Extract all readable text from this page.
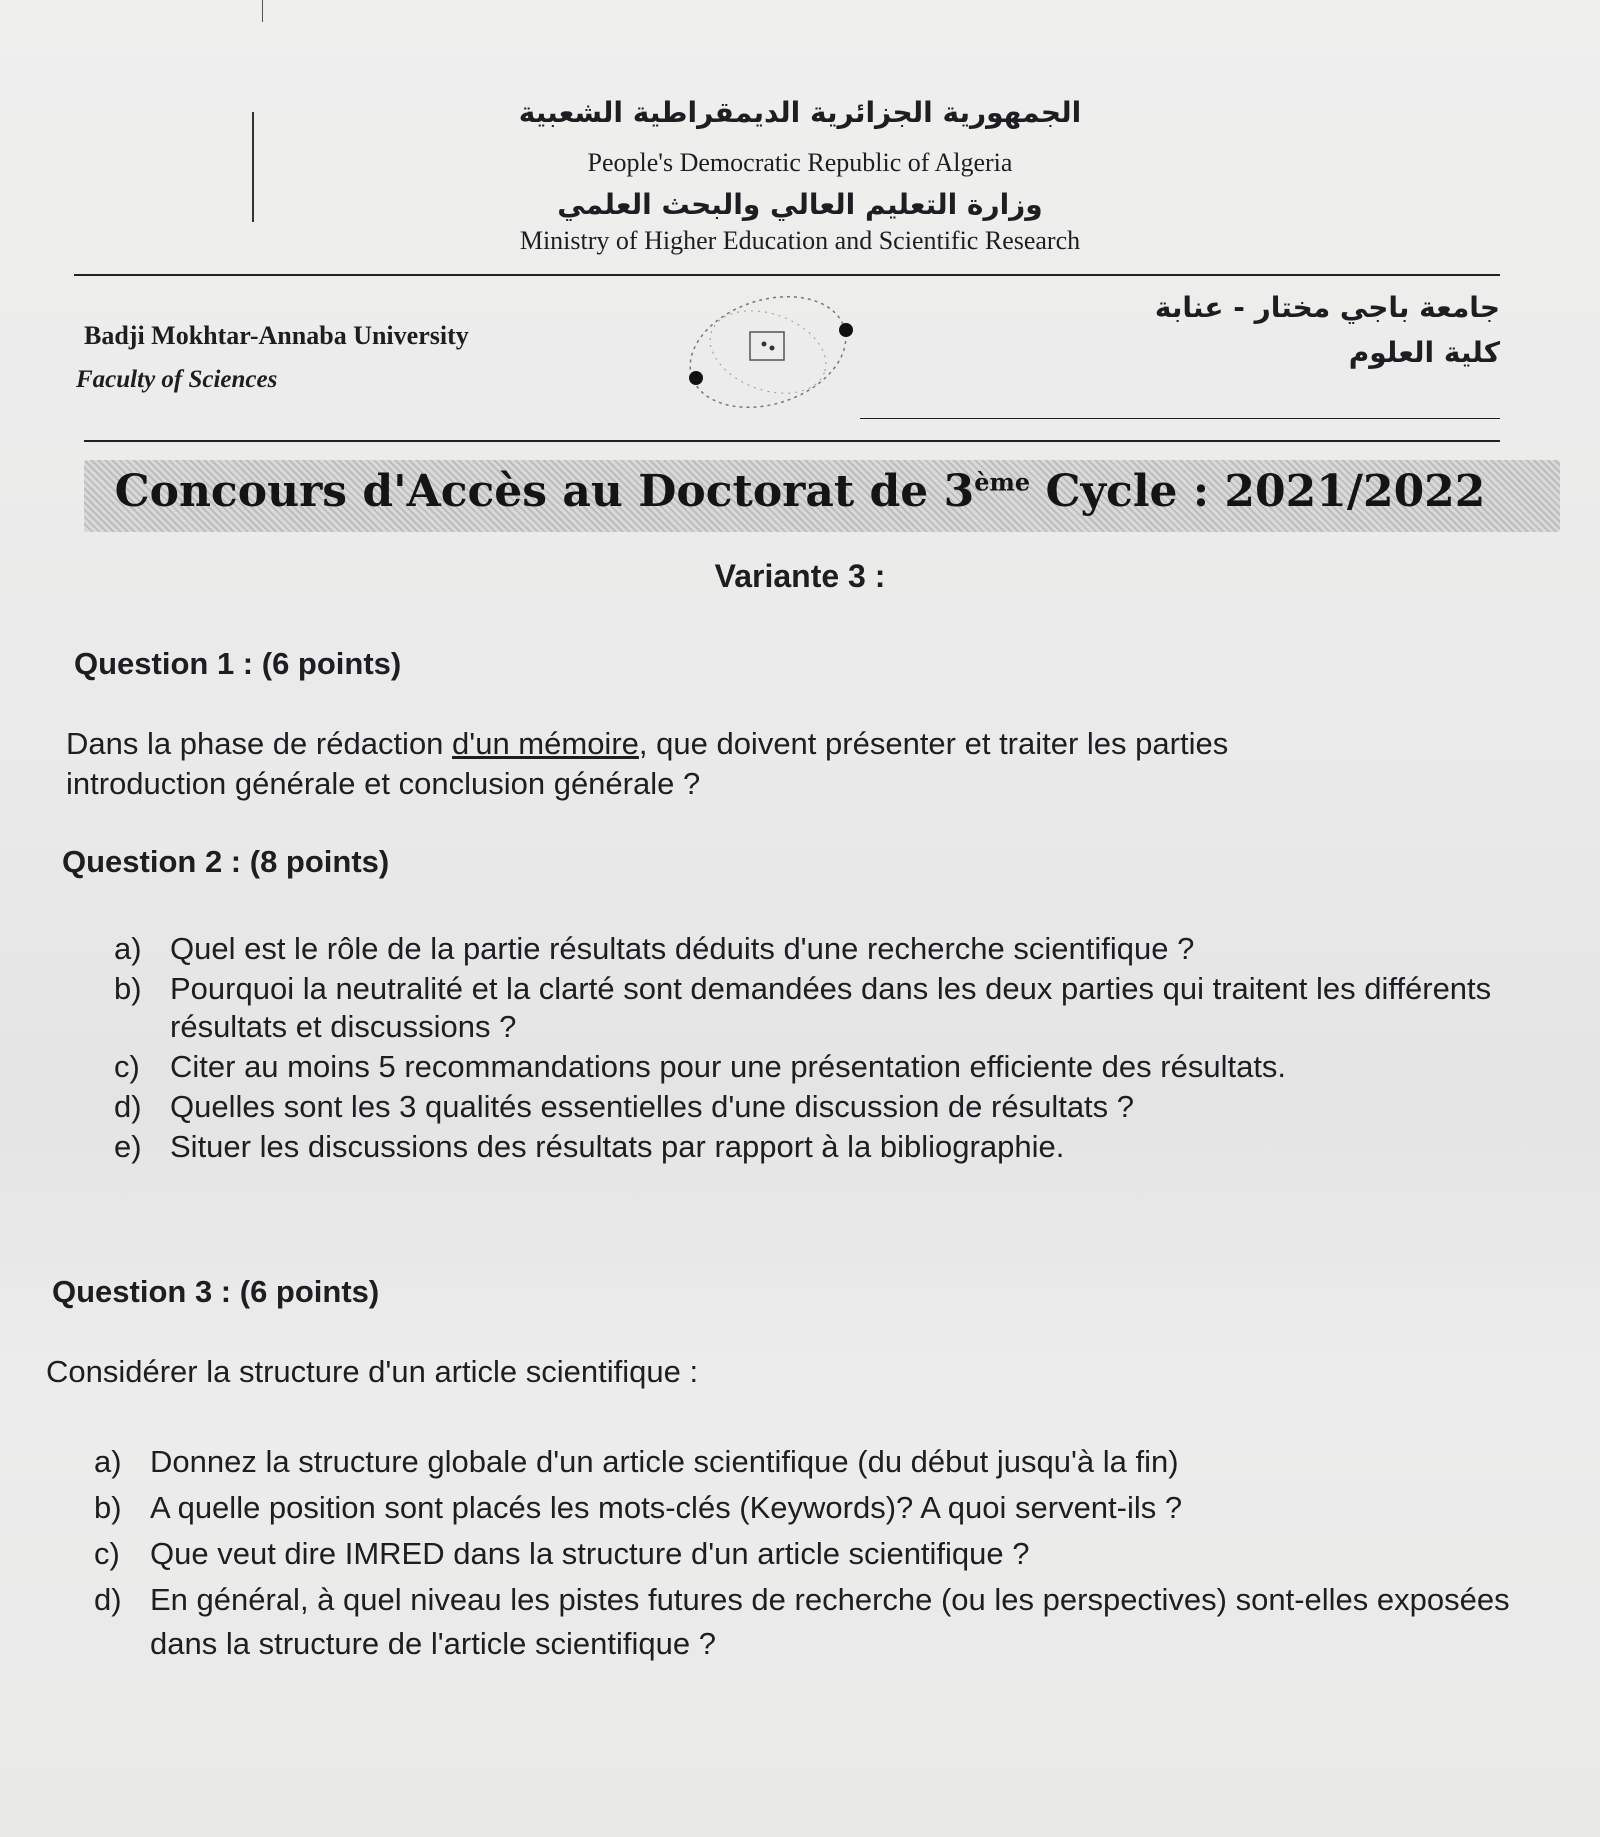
الجمهورية الجزائرية الديمقراطية الشعبية
People's Democratic Republic of Algeria
وزارة التعليم العالي والبحث العلمي
Ministry of Higher Education and Scientific Research
Badji Mokhtar-Annaba University
Faculty of Sciences
جامعة باجي مختار - عنابة
كلية العلوم
Concours d'Accès au Doctorat de 3ème Cycle : 2021/2022
Variante 3 :
Question 1 : (6 points)
Dans la phase de rédaction d'un mémoire, que doivent présenter et traiter les parties
introduction générale et conclusion générale ?
Question 2 : (8 points)
a) Quel est le rôle de la partie résultats déduits d'une recherche scientifique ?
b) Pourquoi la neutralité et la clarté sont demandées dans les deux parties qui traitent les différents résultats et discussions ?
c) Citer au moins 5 recommandations pour une présentation efficiente des résultats.
d) Quelles sont les 3 qualités essentielles d'une discussion de résultats ?
e) Situer les discussions des résultats par rapport à la bibliographie.
Question 3 : (6 points)
Considérer la structure d'un article scientifique :
a) Donnez la structure globale d'un article scientifique (du début jusqu'à la fin)
b) A quelle position sont placés les mots-clés (Keywords)? A quoi servent-ils ?
c) Que veut dire IMRED dans la structure d'un article scientifique ?
d) En général, à quel niveau les pistes futures de recherche (ou les perspectives) sont-elles exposées dans la structure de l'article scientifique ?
